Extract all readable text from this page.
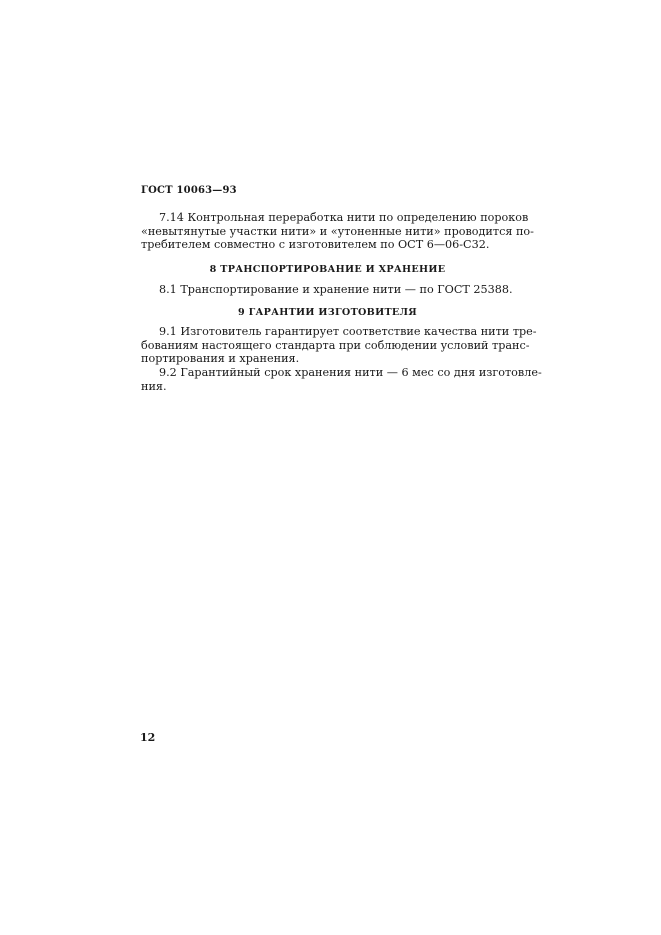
ГОСТ 10063—93
7.14 Контрольная переработка нити по определению пороков
«невытянутые участки нити» и «утоненные нити» проводится по-
требителем совместно с изготовителем по ОСТ 6—06-С32.
8 ТРАНСПОРТИРОВАНИЕ И ХРАНЕНИЕ
8.1 Транспортирование и хранение нити — по ГОСТ 25388.
9 ГАРАНТИИ ИЗГОТОВИТЕЛЯ
9.1 Изготовитель гарантирует соответствие качества нити тре-
бованиям настоящего стандарта при соблюдении условий транс-
портирования и хранения.
9.2 Гарантийный срок хранения нити — 6 мес со дня изготовле-
ния.
12
